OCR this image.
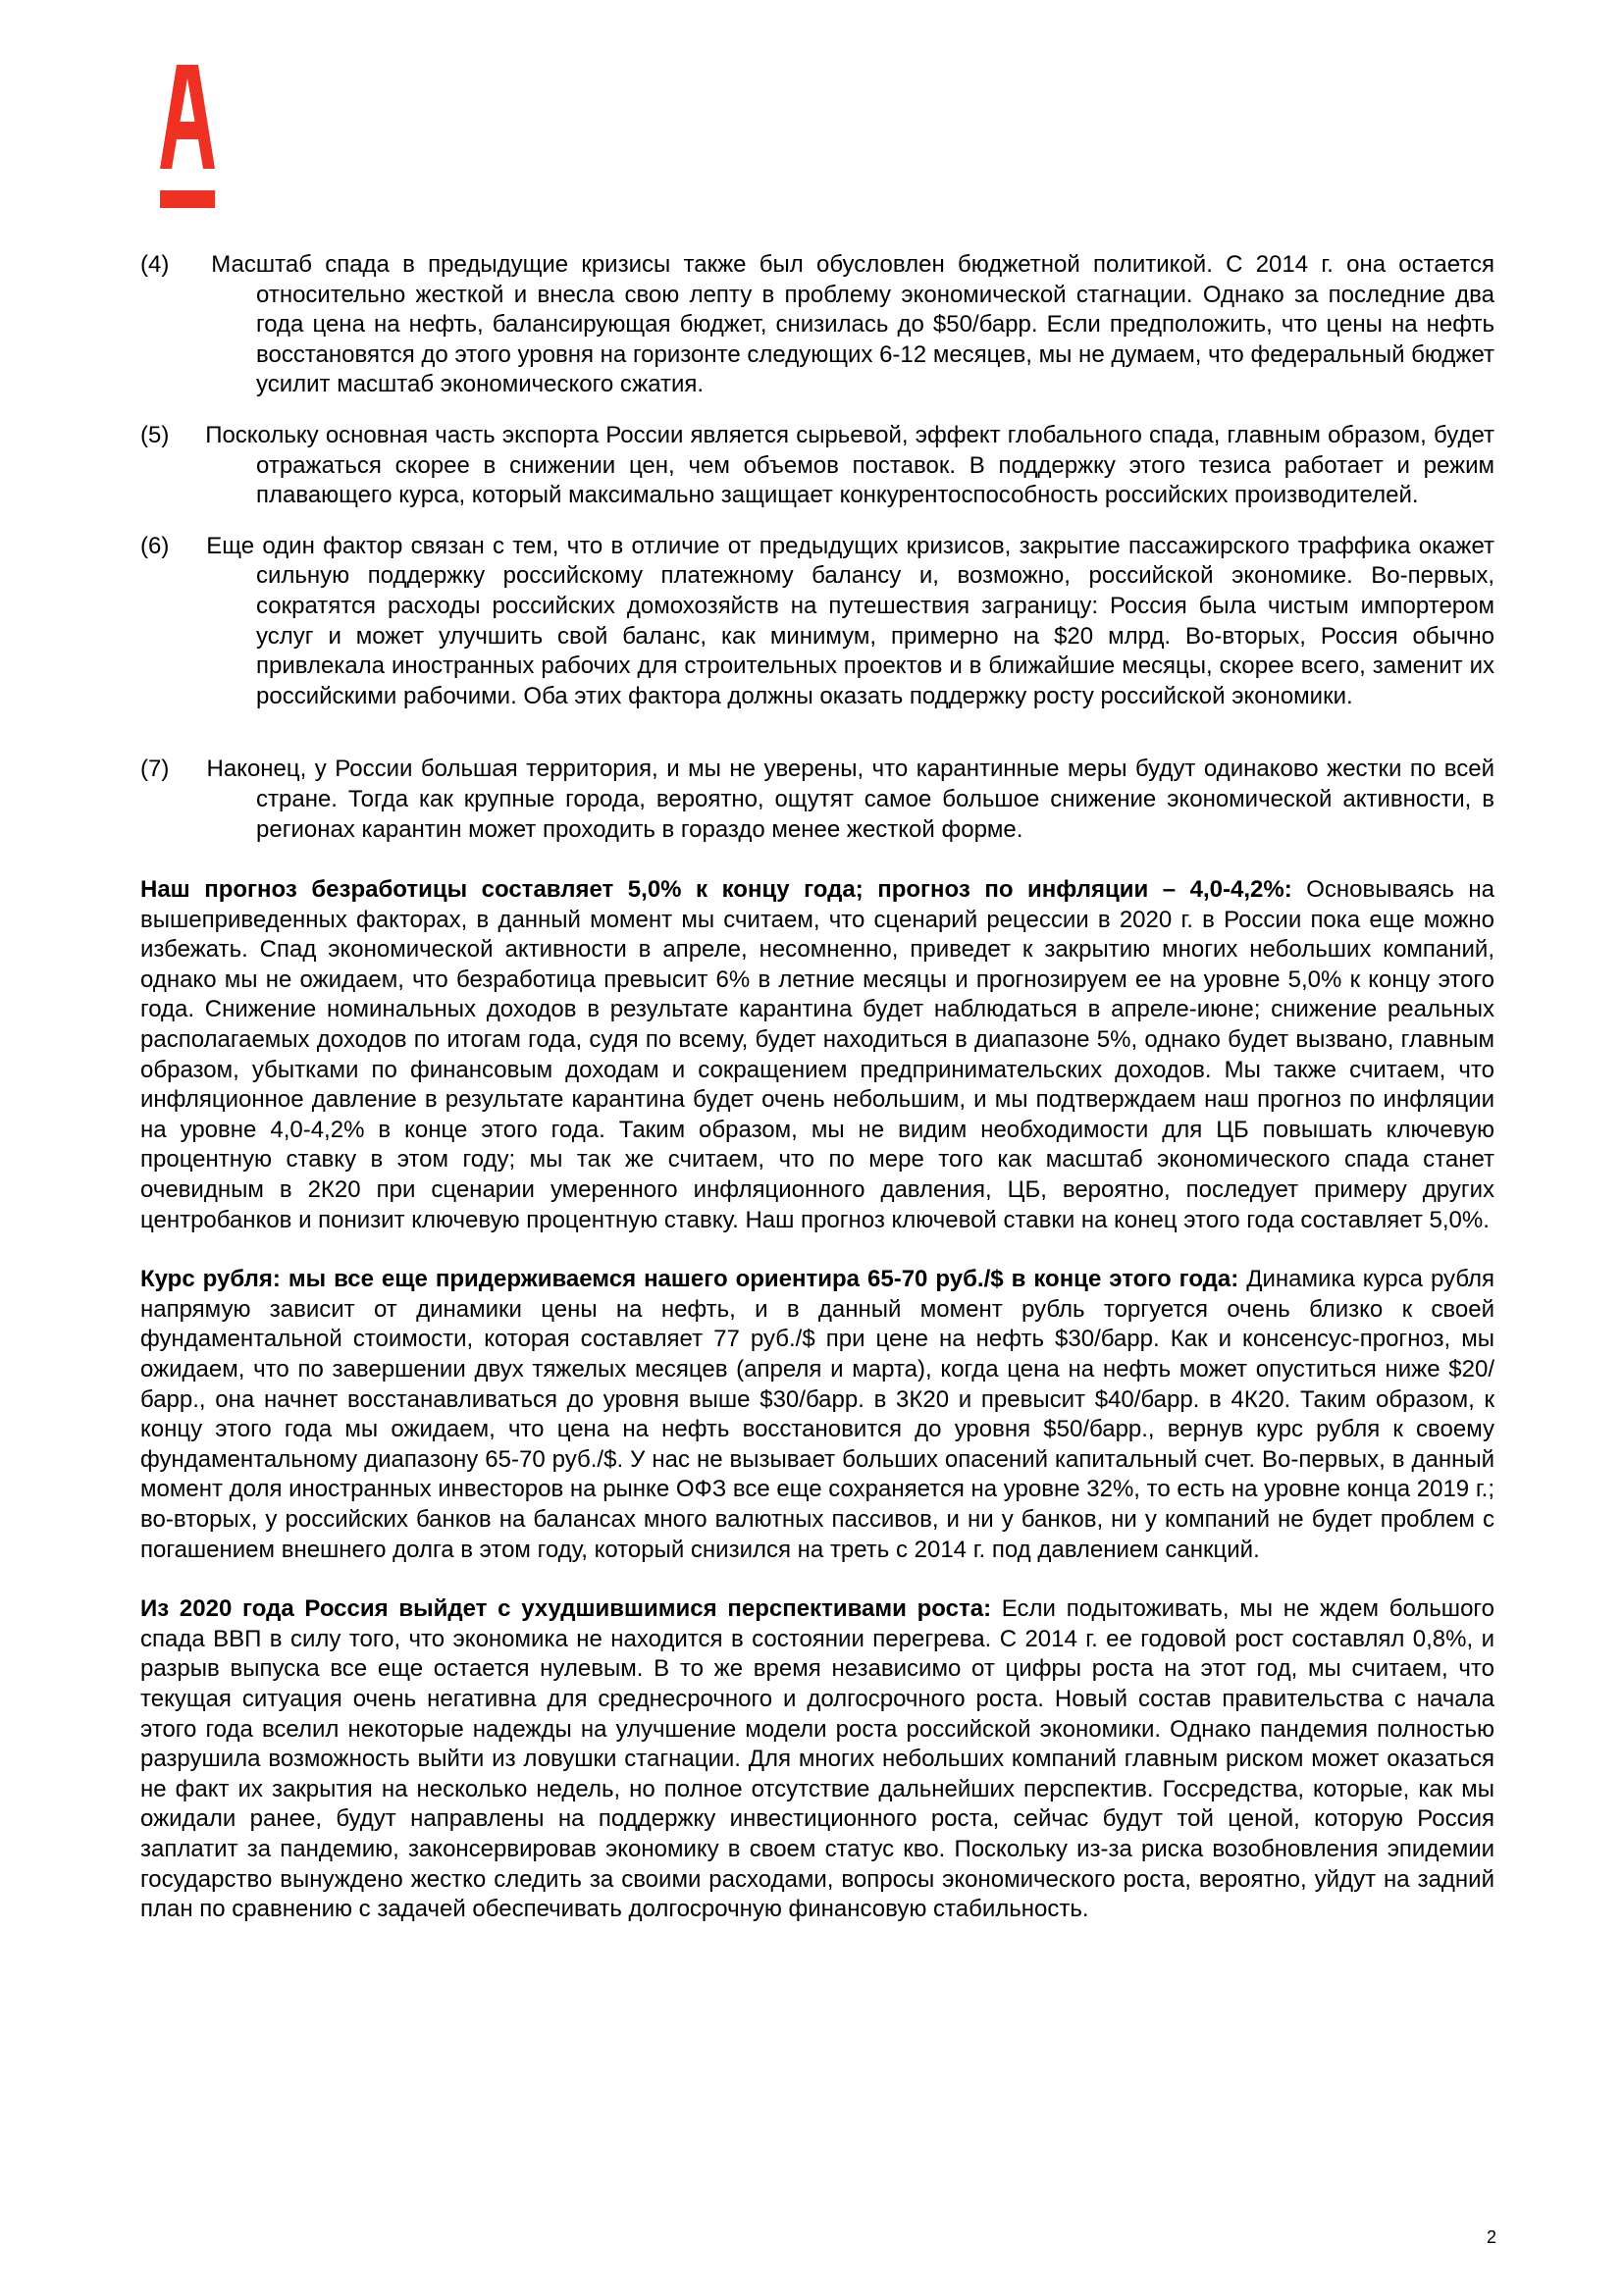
(4) Масштаб спада в предыдущие кризисы также был обусловлен бюджетной политикой. С 2014 г. она остается относительно жесткой и внесла свою лепту в проблему экономической стагнации. Однако за последние два года цена на нефть, балансирующая бюджет, снизилась до $50/барр. Если предположить, что цены на нефть восстановятся до этого уровня на горизонте следующих 6-12 месяцев, мы не думаем, что федеральный бюджет усилит масштаб экономического сжатия.
(5) Поскольку основная часть экспорта России является сырьевой, эффект глобального спада, главным образом, будет отражаться скорее в снижении цен, чем объемов поставок. В поддержку этого тезиса работает и режим плавающего курса, который максимально защищает конкурентоспособность российских производителей.
(6) Еще один фактор связан с тем, что в отличие от предыдущих кризисов, закрытие пассажирского траффика окажет сильную поддержку российскому платежному балансу и, возможно, российской экономике. Во-первых, сократятся расходы российских домохозяйств на путешествия заграницу: Россия была чистым импортером услуг и может улучшить свой баланс, как минимум, примерно на $20 млрд. Во-вторых, Россия обычно привлекала иностранных рабочих для строительных проектов и в ближайшие месяцы, скорее всего, заменит их российскими рабочими. Оба этих фактора должны оказать поддержку росту российской экономики.
(7) Наконец, у России большая территория, и мы не уверены, что карантинные меры будут одинаково жестки по всей стране. Тогда как крупные города, вероятно, ощутят самое большое снижение экономической активности, в регионах карантин может проходить в гораздо менее жесткой форме.

Наш прогноз безработицы составляет 5,0% к концу года; прогноз по инфляции – 4,0-4,2%: Основываясь на вышеприведенных факторах, в данный момент мы считаем, что сценарий рецессии в 2020 г. в России пока еще можно избежать. Спад экономической активности в апреле, несомненно, приведет к закрытию многих небольших компаний, однако мы не ожидаем, что безработица превысит 6% в летние месяцы и прогнозируем ее на уровне 5,0% к концу этого года. Снижение номинальных доходов в результате карантина будет наблюдаться в апреле-июне; снижение реальных располагаемых доходов по итогам года, судя по всему, будет находиться в диапазоне 5%, однако будет вызвано, главным образом, убытками по финансовым доходам и сокращением предпринимательских доходов. Мы также считаем, что инфляционное давление в результате карантина будет очень небольшим, и мы подтверждаем наш прогноз по инфляции на уровне 4,0-4,2% в конце этого года. Таким образом, мы не видим необходимости для ЦБ повышать ключевую процентную ставку в этом году; мы так же считаем, что по мере того как масштаб экономического спада станет очевидным в 2К20 при сценарии умеренного инфляционного давления, ЦБ, вероятно, последует примеру других центробанков и понизит ключевую процентную ставку. Наш прогноз ключевой ставки на конец этого года составляет 5,0%.

Курс рубля: мы все еще придерживаемся нашего ориентира 65-70 руб./$ в конце этого года: Динамика курса рубля напрямую зависит от динамики цены на нефть, и в данный момент рубль торгуется очень близко к своей фундаментальной стоимости, которая составляет 77 руб./$ при цене на нефть $30/барр. Как и консенсус-прогноз, мы ожидаем, что по завершении двух тяжелых месяцев (апреля и марта), когда цена на нефть может опуститься ниже $20/барр., она начнет восстанавливаться до уровня выше $30/барр. в 3К20 и превысит $40/барр. в 4К20. Таким образом, к концу этого года мы ожидаем, что цена на нефть восстановится до уровня $50/барр., вернув курс рубля к своему фундаментальному диапазону 65-70 руб./$. У нас не вызывает больших опасений капитальный счет. Во-первых, в данный момент доля иностранных инвесторов на рынке ОФЗ все еще сохраняется на уровне 32%, то есть на уровне конца 2019 г.; во-вторых, у российских банков на балансах много валютных пассивов, и ни у банков, ни у компаний не будет проблем с погашением внешнего долга в этом году, который снизился на треть с 2014 г. под давлением санкций.

Из 2020 года Россия выйдет с ухудшившимися перспективами роста: Если подытоживать, мы не ждем большого спада ВВП в силу того, что экономика не находится в состоянии перегрева. С 2014 г. ее годовой рост составлял 0,8%, и разрыв выпуска все еще остается нулевым. В то же время независимо от цифры роста на этот год, мы считаем, что текущая ситуация очень негативна для среднесрочного и долгосрочного роста. Новый состав правительства с начала этого года вселил некоторые надежды на улучшение модели роста российской экономики. Однако пандемия полностью разрушила возможность выйти из ловушки стагнации. Для многих небольших компаний главным риском может оказаться не факт их закрытия на несколько недель, но полное отсутствие дальнейших перспектив. Госсредства, которые, как мы ожидали ранее, будут направлены на поддержку инвестиционного роста, сейчас будут той ценой, которую Россия заплатит за пандемию, законсервировав экономику в своем статус кво. Поскольку из-за риска возобновления эпидемии государство вынуждено жестко следить за своими расходами, вопросы экономического роста, вероятно, уйдут на задний план по сравнению с задачей обеспечивать долгосрочную финансовую стабильность.

2
